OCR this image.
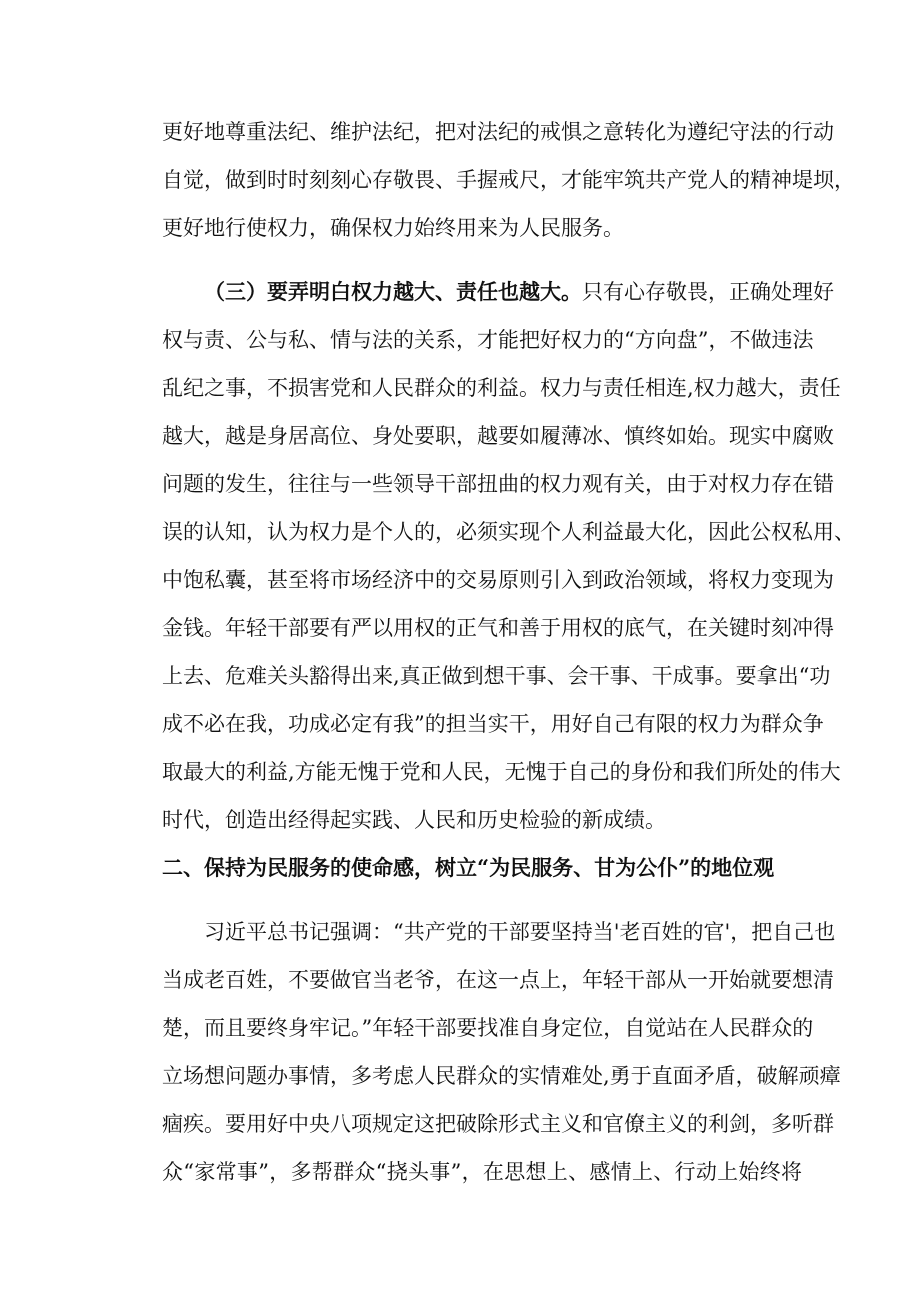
更好地尊重法纪、维护法纪，把对法纪的戒惧之意转化为遵纪守法的行动
自觉，做到时时刻刻心存敬畏、手握戒尺，才能牢筑共产党人的精神堤坝，
更好地行使权力，确保权力始终用来为人民服务。
（三）要弄明白权力越大、责任也越大。只有心存敬畏，正确处理好
权与责、公与私、情与法的关系，才能把好权力的“方向盘”，不做违法
乱纪之事，不损害党和人民群众的利益。权力与责任相连,权力越大，责任
越大，越是身居高位、身处要职，越要如履薄冰、慎终如始。现实中腐败
问题的发生，往往与一些领导干部扭曲的权力观有关，由于对权力存在错
误的认知，认为权力是个人的，必须实现个人利益最大化，因此公权私用、
中饱私囊，甚至将市场经济中的交易原则引入到政治领域，将权力变现为
金钱。年轻干部要有严以用权的正气和善于用权的底气，在关键时刻冲得
上去、危难关头豁得出来,真正做到想干事、会干事、干成事。要拿出“功
成不必在我，功成必定有我”的担当实干，用好自己有限的权力为群众争
取最大的利益,方能无愧于党和人民，无愧于自己的身份和我们所处的伟大
时代，创造出经得起实践、人民和历史检验的新成绩。
二、保持为民服务的使命感，树立“为民服务、甘为公仆”的地位观
习近平总书记强调：“共产党的干部要坚持当'老百姓的官'，把自己也
当成老百姓，不要做官当老爷，在这一点上，年轻干部从一开始就要想清
楚，而且要终身牢记。”年轻干部要找准自身定位，自觉站在人民群众的
立场想问题办事情，多考虑人民群众的实情难处,勇于直面矛盾，破解顽瘴
痼疾。要用好中央八项规定这把破除形式主义和官僚主义的利剑，多听群
众“家常事”，多帮群众“挠头事”，在思想上、感情上、行动上始终将
